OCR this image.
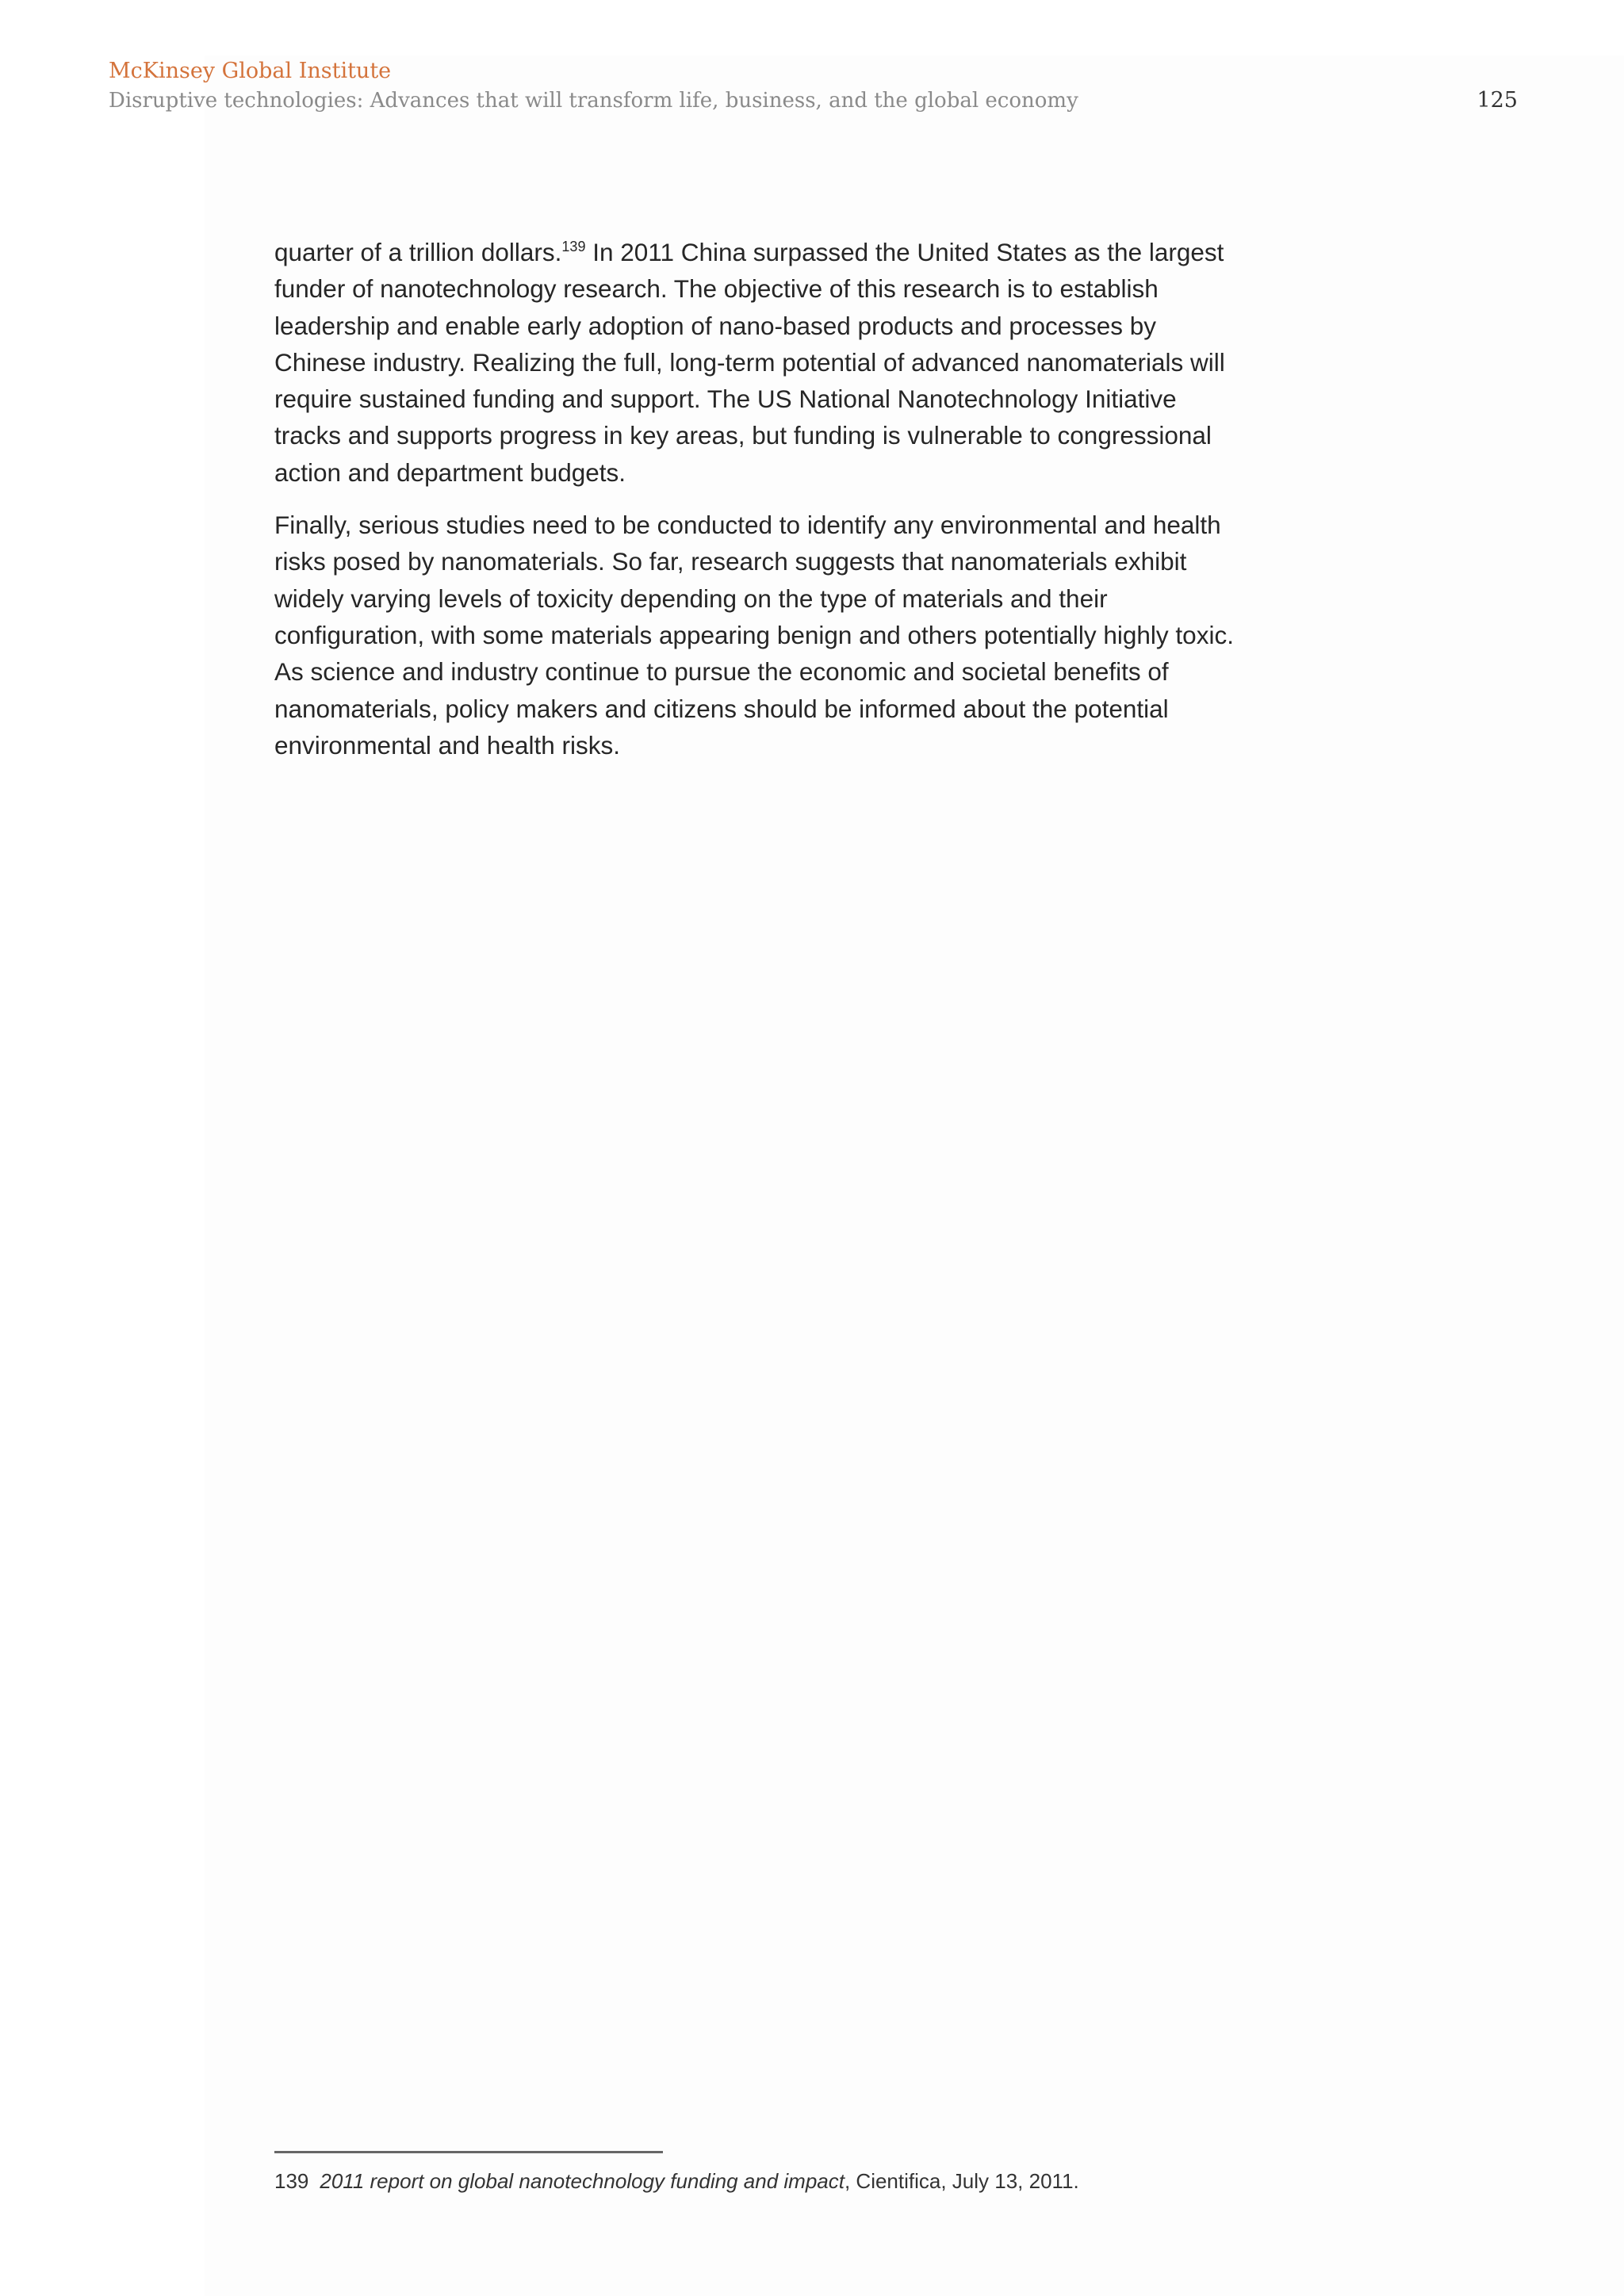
McKinsey Global Institute
Disruptive technologies: Advances that will transform life, business, and the global economy	125

quarter of a trillion dollars.$^{139}$ In 2011 China surpassed the United States as the largest funder of nanotechnology research. The objective of this research is to establish leadership and enable early adoption of nano-based products and processes by Chinese industry. Realizing the full, long-term potential of advanced nanomaterials will require sustained funding and support. The US National Nanotechnology Initiative tracks and supports progress in key areas, but funding is vulnerable to congressional action and department budgets.

Finally, serious studies need to be conducted to identify any environmental and health risks posed by nanomaterials. So far, research suggests that nanomaterials exhibit widely varying levels of toxicity depending on the type of materials and their configuration, with some materials appearing benign and others potentially highly toxic. As science and industry continue to pursue the economic and societal benefits of nanomaterials, policy makers and citizens should be informed about the potential environmental and health risks.

139 2011 report on global nanotechnology funding and impact, Cientifica, July 13, 2011.
